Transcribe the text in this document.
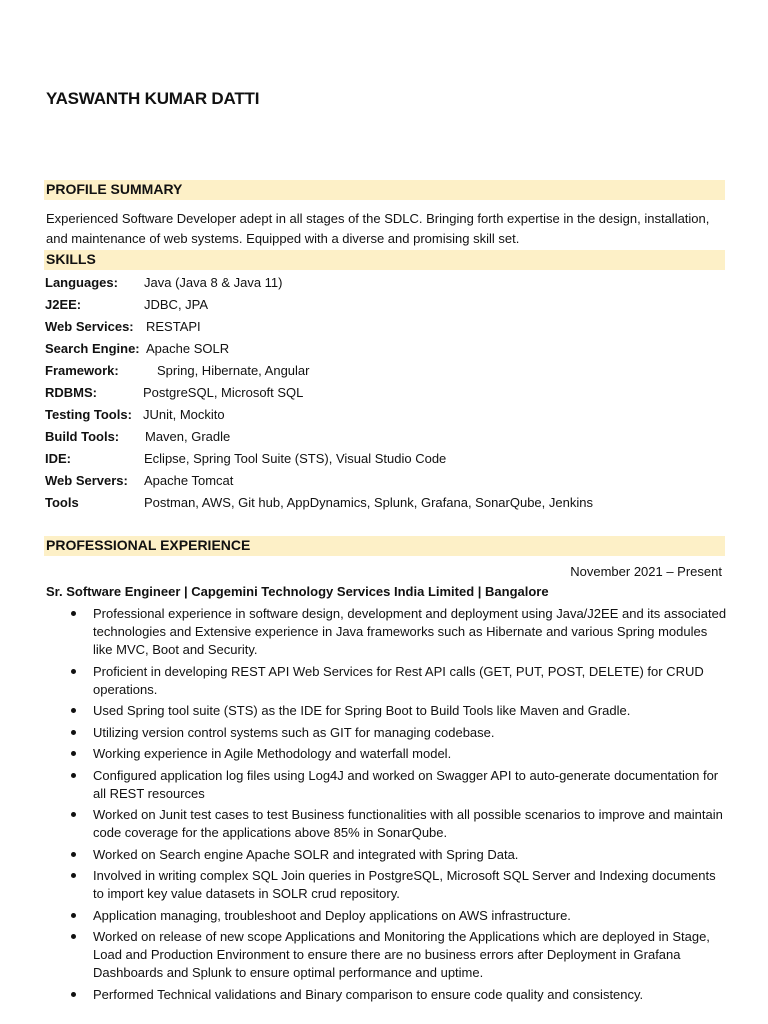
YASWANTH KUMAR DATTI
PROFILE SUMMARY
Experienced Software Developer adept in all stages of the SDLC. Bringing forth expertise in the design, installation, and maintenance of web systems. Equipped with a diverse and promising skill set.
SKILLS
Languages: Java (Java 8 & Java 11)
J2EE:	JDBC, JPA
Web Services: RESTAPI
Search Engine: Apache SOLR
Framework:	Spring, Hibernate, Angular
RDBMS:	PostgreSQL, Microsoft SQL
Testing Tools: JUnit, Mockito
Build Tools: Maven, Gradle
IDE:	Eclipse, Spring Tool Suite (STS), Visual Studio Code
Web Servers: Apache Tomcat
Tools	Postman, AWS, Git hub, AppDynamics, Splunk, Grafana, SonarQube, Jenkins
PROFESSIONAL EXPERIENCE
November 2021 – Present
Sr. Software Engineer | Capgemini Technology Services India Limited | Bangalore
Professional experience in software design, development and deployment using Java/J2EE and its associated technologies and Extensive experience in Java frameworks such as Hibernate and various Spring modules like MVC, Boot and Security.
Proficient in developing REST API Web Services for Rest API calls (GET, PUT, POST, DELETE) for CRUD operations.
Used Spring tool suite (STS) as the IDE for Spring Boot to Build Tools like Maven and Gradle.
Utilizing version control systems such as GIT for managing codebase.
Working experience in Agile Methodology and waterfall model.
Configured application log files using Log4J and worked on Swagger API to auto-generate documentation for all REST resources
Worked on Junit test cases to test Business functionalities with all possible scenarios to improve and maintain code coverage for the applications above 85% in SonarQube.
Worked on Search engine Apache SOLR and integrated with Spring Data.
Involved in writing complex SQL Join queries in PostgreSQL, Microsoft SQL Server and Indexing documents to import key value datasets in SOLR crud repository.
Application managing, troubleshoot and Deploy applications on AWS infrastructure.
Worked on release of new scope Applications and Monitoring the Applications which are deployed in Stage, Load and Production Environment to ensure there are no business errors after Deployment in Grafana Dashboards and Splunk to ensure optimal performance and uptime.
Performed Technical validations and Binary comparison to ensure code quality and consistency.
